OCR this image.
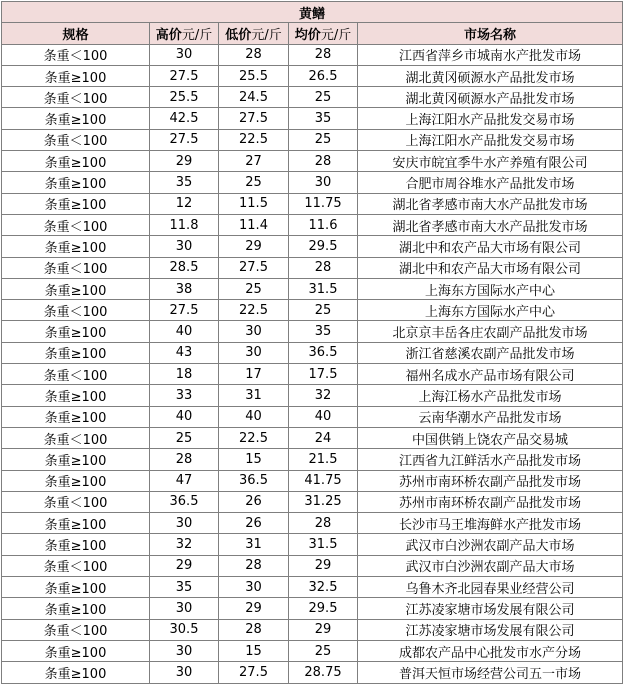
黄鳝				
规格	高价元/斤	低价元/斤	均价元/斤	市场名称
条重＜100	30	28	28	江西省萍乡市城南水产批发市场
条重≥100	27.5	25.5	26.5	湖北黄冈硕源水产品批发市场
条重＜100	25.5	24.5	25	湖北黄冈硕源水产品批发市场
条重≥100	42.5	27.5	35	上海江阳水产品批发交易市场
条重＜100	27.5	22.5	25	上海江阳水产品批发交易市场
条重≥100	29	27	28	安庆市皖宜季牛水产养殖有限公司
条重≥100	35	25	30	合肥市周谷堆水产品批发市场
条重≥100	12	11.5	11.75	湖北省孝感市南大水产品批发市场
条重＜100	11.8	11.4	11.6	湖北省孝感市南大水产品批发市场
条重≥100	30	29	29.5	湖北中和农产品大市场有限公司
条重＜100	28.5	27.5	28	湖北中和农产品大市场有限公司
条重≥100	38	25	31.5	上海东方国际水产中心
条重＜100	27.5	22.5	25	上海东方国际水产中心
条重≥100	40	30	35	北京京丰岳各庄农副产品批发市场
条重≥100	43	30	36.5	浙江省慈溪农副产品批发市场
条重＜100	18	17	17.5	福州名成水产品市场有限公司
条重≥100	33	31	32	上海江杨水产品批发市场
条重≥100	40	40	40	云南华潮水产品批发市场
条重＜100	25	22.5	24	中国供销上饶农产品交易城
条重≥100	28	15	21.5	江西省九江鲜活水产品批发市场
条重≥100	47	36.5	41.75	苏州市南环桥农副产品批发市场
条重＜100	36.5	26	31.25	苏州市南环桥农副产品批发市场
条重≥100	30	26	28	长沙市马王堆海鲜水产批发市场
条重≥100	32	31	31.5	武汉市白沙洲农副产品大市场
条重＜100	29	28	29	武汉市白沙洲农副产品大市场
条重≥100	35	30	32.5	乌鲁木齐北园春果业经营公司
条重≥100	30	29	29.5	江苏凌家塘市场发展有限公司
条重＜100	30.5	28	29	江苏凌家塘市场发展有限公司
条重≥100	30	15	25	成都农产品中心批发市水产分场
条重≥100	30	27.5	28.75	普洱天恒市场经营公司五一市场
